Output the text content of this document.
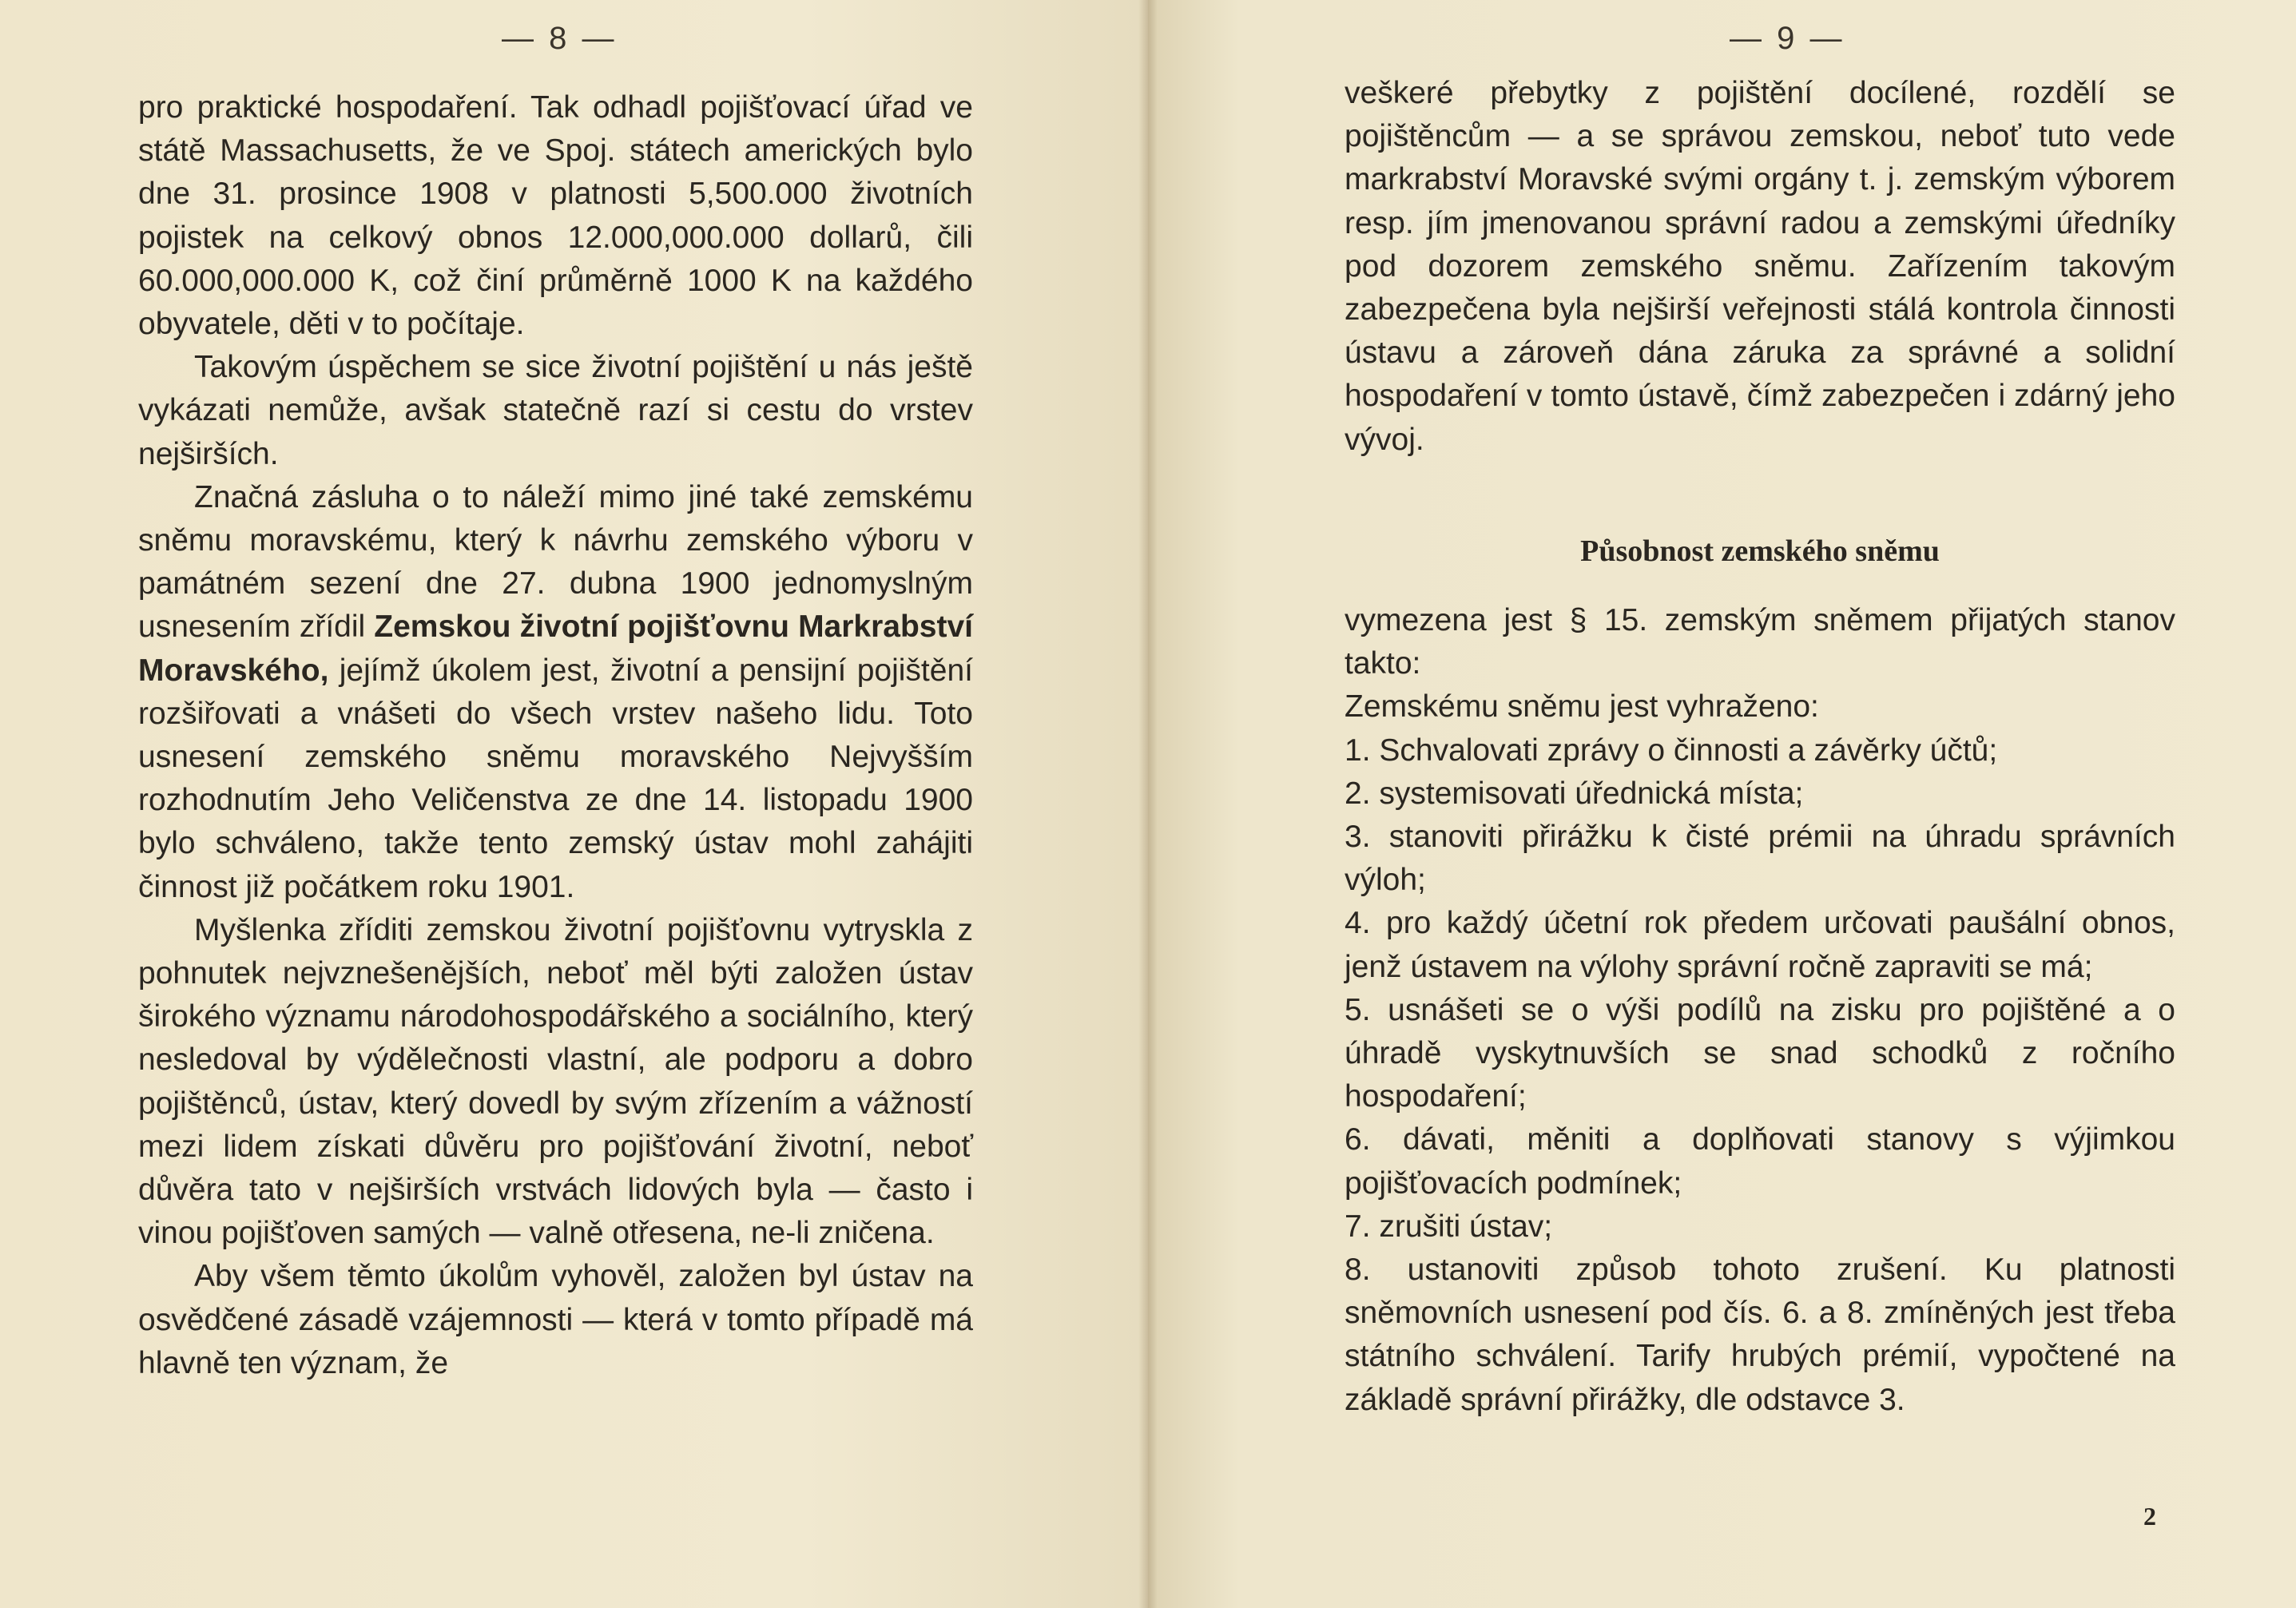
— 8 —	— 9 —

pro praktické hospodaření. Tak odhadl pojišťovací úřad ve státě Massachusetts, že ve Spoj. státech amerických bylo dne 31. prosince 1908 v platnosti 5,500.000 životních pojistek na celkový obnos 12.000,000.000 dollarů, čili 60.000,000.000 K, což činí průměrně 1000 K na každého obyvatele, děti v to počítaje.

Takovým úspěchem se sice životní pojištění u nás ještě vykázati nemůže, avšak statečně razí si cestu do vrstev nejširších.

Značná zásluha o to náleží mimo jiné také zemskému sněmu moravskému, který k návrhu zemského výboru v památném sezení dne 27. dubna 1900 jednomyslným usnesením zřídil Zemskou životní pojišťovnu Markrabství Moravského, jejímž úkolem jest, životní a pensijní pojištění rozšiřovati a vnášeti do všech vrstev našeho lidu. Toto usnesení zemského sněmu moravského Nejvyšším rozhodnutím Jeho Veličenstva ze dne 14. listopadu 1900 bylo schváleno, takže tento zemský ústav mohl zahájiti činnost již počátkem roku 1901.

Myšlenka zříditi zemskou životní pojišťovnu vytryskla z pohnutek nejvznešenějších, neboť měl býti založen ústav širokého významu národohospodářského a sociálního, který nesledoval by výdělečnosti vlastní, ale podporu a dobro pojištěnců, ústav, který dovedl by svým zřízením a vážností mezi lidem získati důvěru pro pojišťování životní, neboť důvěra tato v nejširších vrstvách lidových byla — často i vinou pojišťoven samých — valně otřesena, ne-li zničena.

Aby všem těmto úkolům vyhověl, založen byl ústav na osvědčené zásadě vzájemnosti — která v tomto případě má hlavně ten význam, že

veškeré přebytky z pojištění docílené, rozdělí se pojištěncům — a se správou zemskou, neboť tuto vede markrabství Moravské svými orgány t. j. zemským výborem resp. jím jmenovanou správní radou a zemskými úředníky pod dozorem zemského sněmu. Zařízením takovým zabezpečena byla nejširší veřejnosti stálá kontrola činnosti ústavu a zároveň dána záruka za správné a solidní hospodaření v tomto ústavě, čímž zabezpečen i zdárný jeho vývoj.

Působnost zemského sněmu

vymezena jest § 15. zemským sněmem přijatých stanov takto:

Zemskému sněmu jest vyhraženo:

1. Schvalovati zprávy o činnosti a závěrky účtů;

2. systemisovati úřednická místa;

3. stanoviti přirážku k čisté prémii na úhradu správních výloh;

4. pro každý účetní rok předem určovati paušální obnos, jenž ústavem na výlohy správní ročně zapraviti se má;

5. usnášeti se o výši podílů na zisku pro pojištěné a o úhradě vyskytnuvších se snad schodků z ročního hospodaření;

6. dávati, měniti a doplňovati stanovy s výjimkou pojišťovacích podmínek;

7. zrušiti ústav;

8. ustanoviti způsob tohoto zrušení. Ku platnosti sněmovních usnesení pod čís. 6. a 8. zmíněných jest třeba státního schválení. Tarify hrubých prémií, vypočtené na základě správní přirážky, dle odstavce 3.

2
